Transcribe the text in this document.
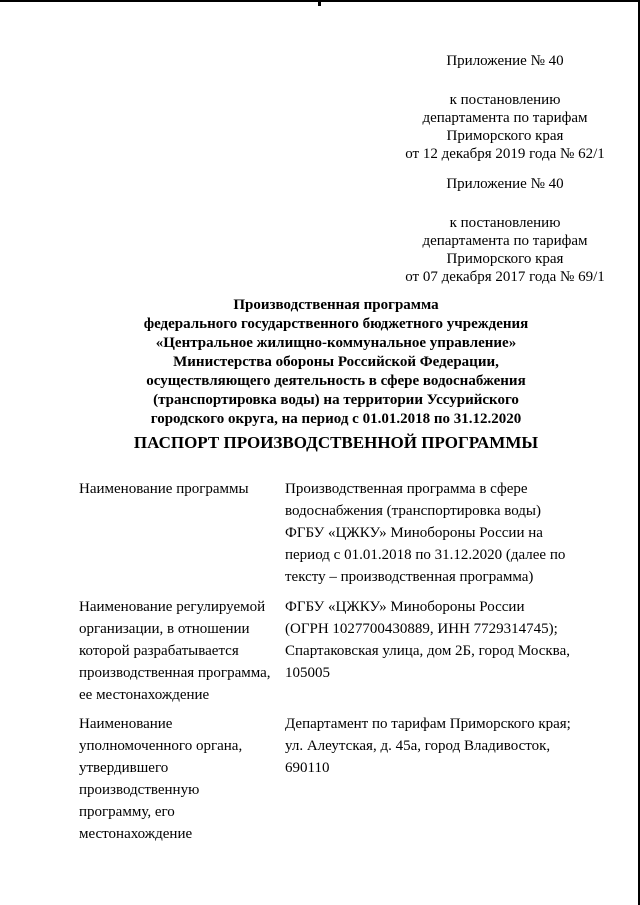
Приложение № 40
к постановлению
департамента по тарифам
Приморского края
от 12 декабря 2019 года № 62/1
Приложение № 40
к постановлению
департамента по тарифам
Приморского края
от 07 декабря 2017 года № 69/1
Производственная программа
федерального государственного бюджетного учреждения
«Центральное жилищно-коммунальное управление»
Министерства обороны Российской Федерации,
осуществляющего деятельность в сфере водоснабжения
(транспортировка воды) на территории Уссурийского
городского округа, на период с 01.01.2018 по 31.12.2020
ПАСПОРТ ПРОИЗВОДСТВЕННОЙ ПРОГРАММЫ
Наименование программы	Производственная программа в сфере
водоснабжения (транспортировка воды)
ФГБУ «ЦЖКУ» Минобороны России на
период с 01.01.2018 по 31.12.2020 (далее по
тексту – производственная программа)
Наименование регулируемой
организации, в отношении
которой разрабатывается
производственная программа,
ее местонахождение
ФГБУ «ЦЖКУ» Минобороны России
(ОГРН 1027700430889, ИНН 7729314745);
Спартаковская улица, дом 2Б, город Москва,
105005
Наименование
уполномоченного органа,
утвердившего
производственную
программу, его
местонахождение
Департамент по тарифам Приморского края;
ул. Алеутская, д. 45а, город Владивосток,
690110
